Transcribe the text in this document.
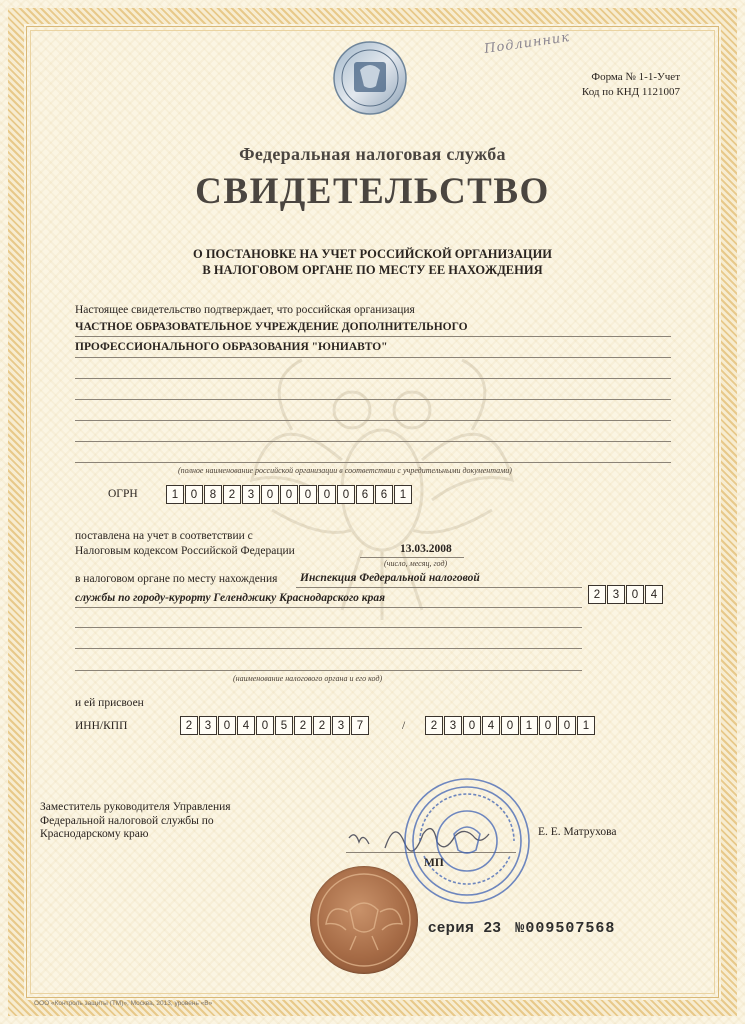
Подлинник
Форма № 1-1-Учет
Код по КНД 1121007
Федеральная налоговая служба
СВИДЕТЕЛЬСТВО
О ПОСТАНОВКЕ НА УЧЕТ РОССИЙСКОЙ ОРГАНИЗАЦИИ
В НАЛОГОВОМ ОРГАНЕ ПО МЕСТУ ЕЕ НАХОЖДЕНИЯ
Настоящее свидетельство подтверждает, что российская организация
ЧАСТНОЕ ОБРАЗОВАТЕЛЬНОЕ УЧРЕЖДЕНИЕ ДОПОЛНИТЕЛЬНОГО
ПРОФЕССИОНАЛЬНОГО ОБРАЗОВАНИЯ "ЮНИАВТО"
(полное наименование российской организации в соответствии с учредительными документами)
ОГРН	1	0	8	2	3	0	0	0	0	0	6	6	1
поставлена на учет в соответствии с
Налоговым кодексом Российской Федерации	13.03.2008
(число, месяц, год)
в налоговом органе по месту нахождения Инспекция Федеральной налоговой
службы по городу-курорту Геленджику Краснодарского края	2	3	0	4
(наименование налогового органа и его код)
и ей присвоен
ИНН/КПП	2	3	0	4	0	5	2	2	3	7	/	2	3	0	4	0	1	0	0	1
Заместитель руководителя Управления
Федеральной налоговой службы по
Краснодарскому краю	Е. Е. Матрухова
МП
серия 23 №009507568
ООО «Контроль защиты (ТМ)», Москва, 2013, уровень «В»
